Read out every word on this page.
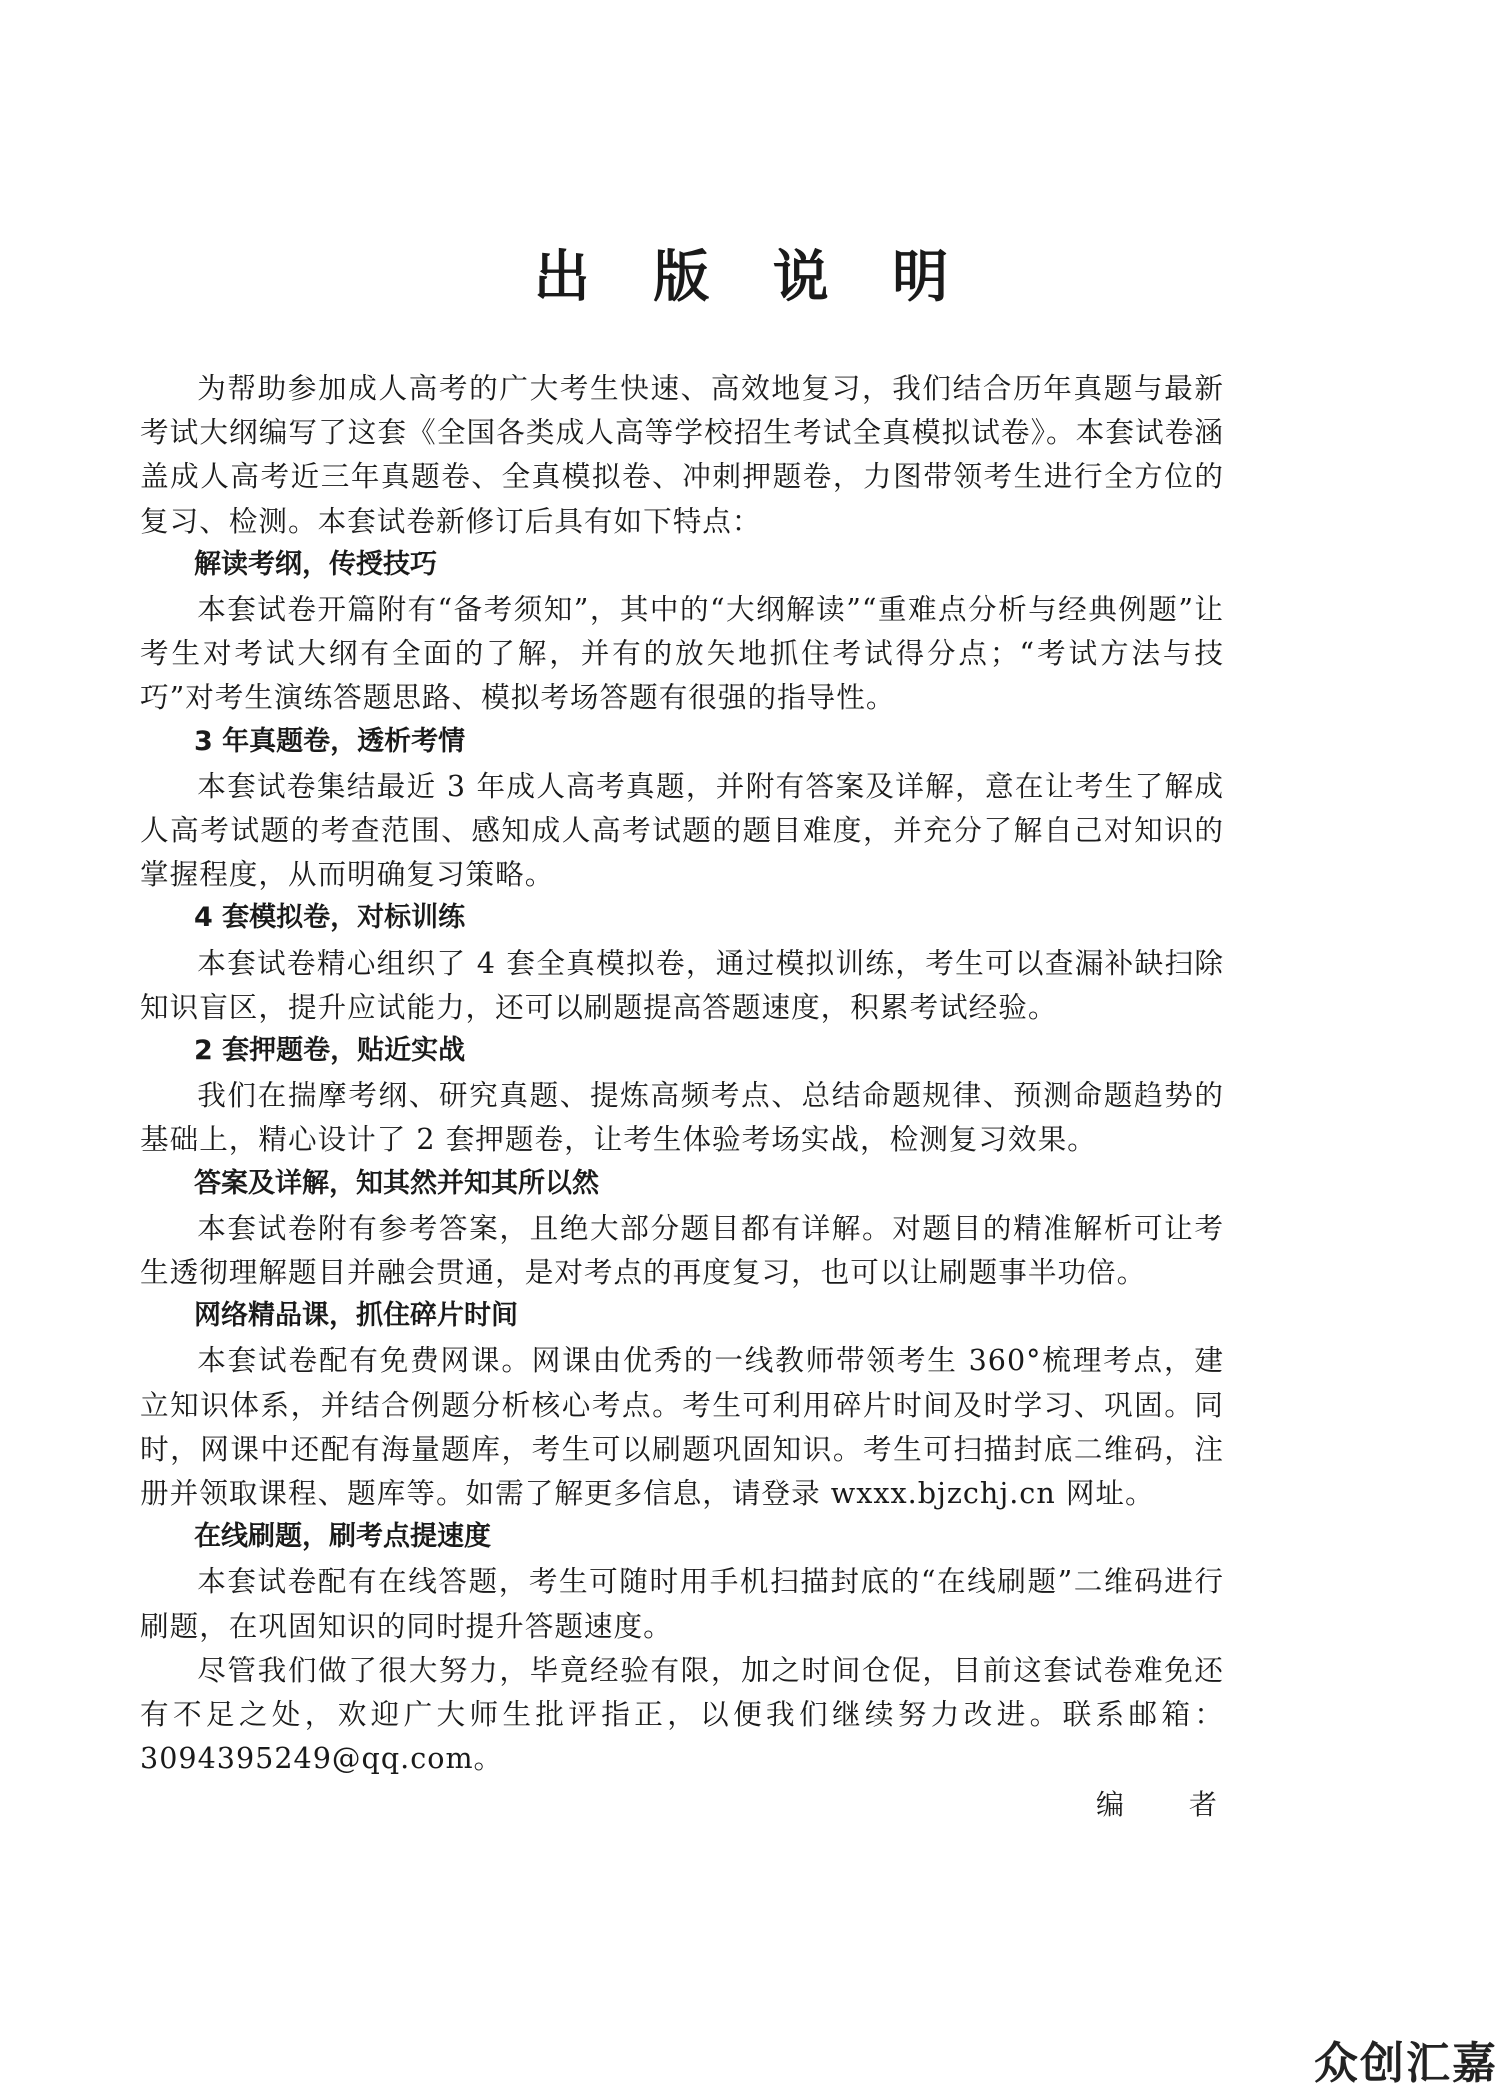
出 版 说 明

为帮助参加成人高考的广大考生快速、高效地复习，我们结合历年真题与最新考试大纲编写了这套《全国各类成人高等学校招生考试全真模拟试卷》。本套试卷涵盖成人高考近三年真题卷、全真模拟卷、冲刺押题卷，力图带领考生进行全方位的复习、检测。本套试卷新修订后具有如下特点：

解读考纲，传授技巧

本套试卷开篇附有“备考须知”，其中的“大纲解读”“重难点分析与经典例题”让考生对考试大纲有全面的了解，并有的放矢地抓住考试得分点；“考试方法与技巧”对考生演练答题思路、模拟考场答题有很强的指导性。

3 年真题卷，透析考情

本套试卷集结最近 3 年成人高考真题，并附有答案及详解，意在让考生了解成人高考试题的考查范围、感知成人高考试题的题目难度，并充分了解自己对知识的掌握程度，从而明确复习策略。

4 套模拟卷，对标训练

本套试卷精心组织了 4 套全真模拟卷，通过模拟训练，考生可以查漏补缺扫除知识盲区，提升应试能力，还可以刷题提高答题速度，积累考试经验。

2 套押题卷，贴近实战

我们在揣摩考纲、研究真题、提炼高频考点、总结命题规律、预测命题趋势的基础上，精心设计了 2 套押题卷，让考生体验考场实战，检测复习效果。

答案及详解，知其然并知其所以然

本套试卷附有参考答案，且绝大部分题目都有详解。对题目的精准解析可让考生透彻理解题目并融会贯通，是对考点的再度复习，也可以让刷题事半功倍。

网络精品课，抓住碎片时间

本套试卷配有免费网课。网课由优秀的一线教师带领考生 360°梳理考点，建立知识体系，并结合例题分析核心考点。考生可利用碎片时间及时学习、巩固。同时，网课中还配有海量题库，考生可以刷题巩固知识。考生可扫描封底二维码，注册并领取课程、题库等。如需了解更多信息，请登录 wxxx.bjzchj.cn 网址。

在线刷题，刷考点提速度

本套试卷配有在线答题，考生可随时用手机扫描封底的“在线刷题”二维码进行刷题，在巩固知识的同时提升答题速度。

尽管我们做了很大努力，毕竟经验有限，加之时间仓促，目前这套试卷难免还有不足之处，欢迎广大师生批评指正，以便我们继续努力改进。联系邮箱：3094395249@qq.com。

编 者
众创汇嘉
